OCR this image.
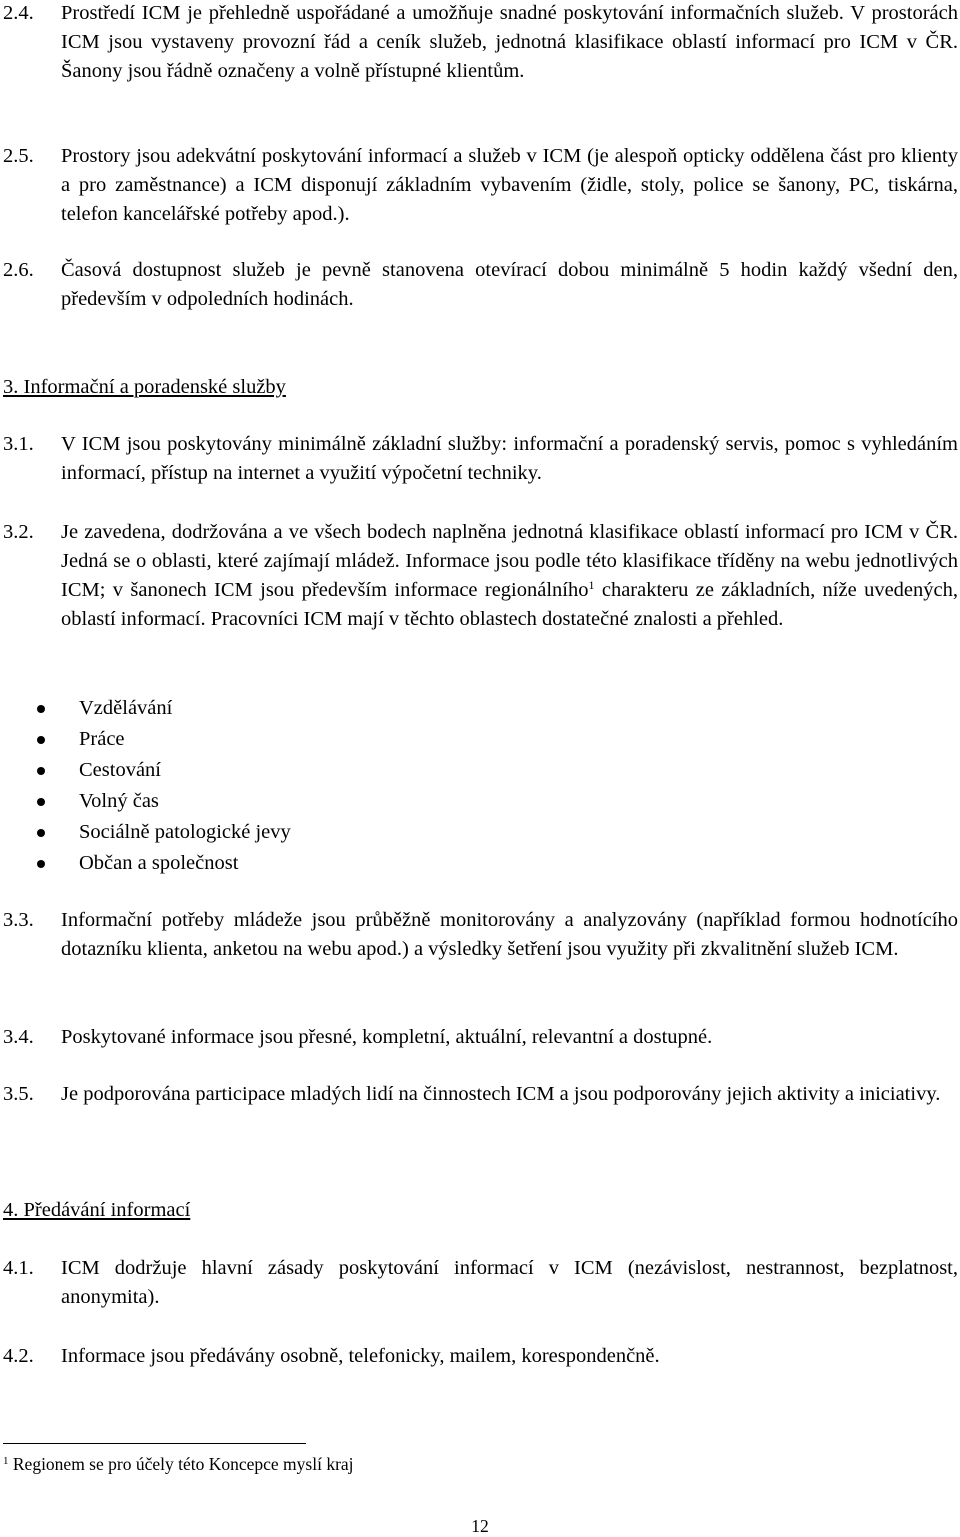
2.4. Prostředí ICM je přehledně uspořádané a umožňuje snadné poskytování informačních služeb. V prostorách ICM jsou vystaveny provozní řád a ceník služeb, jednotná klasifikace oblastí informací pro ICM v ČR. Šanony jsou řádně označeny a volně přístupné klientům.
2.5. Prostory jsou adekvátní poskytování informací a služeb v ICM (je alespoň opticky oddělena část pro klienty a pro zaměstnance) a ICM disponují základním vybavením (židle, stoly, police se šanony, PC, tiskárna, telefon kancelářské potřeby apod.).
2.6. Časová dostupnost služeb je pevně stanovena otevírací dobou minimálně 5 hodin každý všední den, především v odpoledních hodinách.
3. Informační a poradenské služby
3.1. V ICM jsou poskytovány minimálně základní služby: informační a poradenský servis, pomoc s vyhledáním informací, přístup na internet a využití výpočetní techniky.
3.2. Je zavedena, dodržována a ve všech bodech naplněna jednotná klasifikace oblastí informací pro ICM v ČR. Jedná se o oblasti, které zajímají mládež. Informace jsou podle této klasifikace tříděny na webu jednotlivých ICM; v šanonech ICM jsou především informace regionálního$^1$ charakteru ze základních, níže uvedených, oblastí informací. Pracovníci ICM mají v těchto oblastech dostatečné znalosti a přehled.
Vzdělávání
Práce
Cestování
Volný čas
Sociálně patologické jevy
Občan a společnost
3.3. Informační potřeby mládeže jsou průběžně monitorovány a analyzovány (například formou hodnotícího dotazníku klienta, anketou na webu apod.) a výsledky šetření jsou využity při zkvalitnění služeb ICM.
3.4. Poskytované informace jsou přesné, kompletní, aktuální, relevantní a dostupné.
3.5. Je podporována participace mladých lidí na činnostech ICM a jsou podporovány jejich aktivity a iniciativy.
4. Předávání informací
4.1. ICM dodržuje hlavní zásady poskytování informací v ICM (nezávislost, nestrannost, bezplatnost, anonymita).
4.2. Informace jsou předávány osobně, telefonicky, mailem, korespondenčně.
$^1$ Regionem se pro účely této Koncepce myslí kraj
12
